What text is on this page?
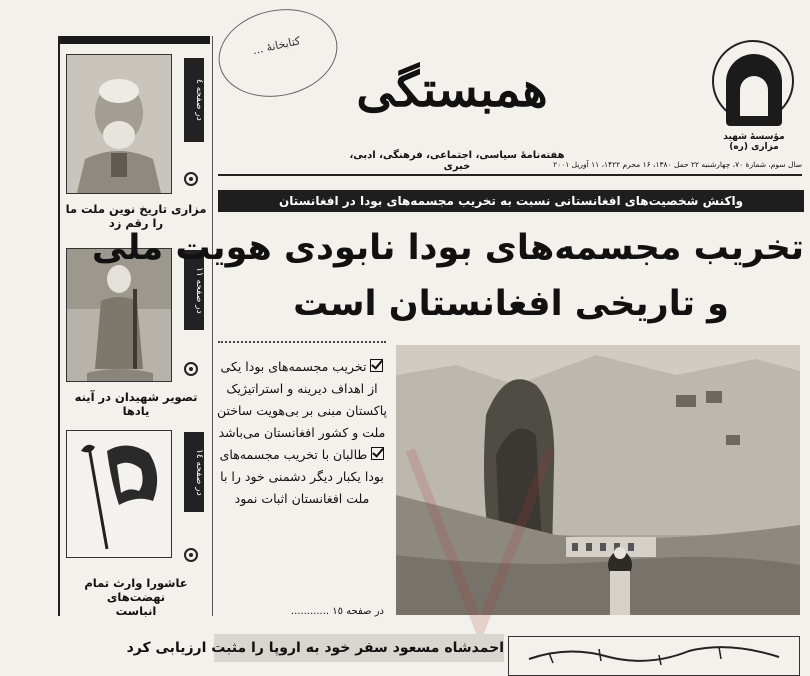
در صفحه ٤
مزاری تاریخ نوین ملت ما
را رقم زد
در صفحه ١١
تصویر شهیدان در آینه
یادها
در صفحه ١٤
عاشورا وارث تمام نهضت‌های
انباست
کتابخانهٔ ...
همبستگی
هفته‌نامهٔ سیاسی، اجتماعی، فرهنگی، ادبی، خبری	سال سوم، شمارهٔ ۷۰، چهارشنبه ۲۲ حمل ۱۳۸۰، ۱۶ محرم ۱۴۲۲، ۱۱ آوریل ۲۰۰۱
مؤسسهٔ شهید مزاری (ره)
واکنش شخصیت‌های افغانستانی نسبت به تخریب مجسمه‌های بودا در افغانستان
تخریب مجسمه‌های بودا نابودی هویت ملی
و تاریخی افغانستان است
تخریب مجسمه‌های بودا یکی از اهداف دیرینه و استراتیژیک پاکستان مبنی بر بی‌هویت ساختن ملت و کشور افغانستان می‌باشد
طالبان با تخریب مجسمه‌های بودا یکبار دیگر دشمنی خود را با ملت افغانستان اثبات نمود
در صفحه ١٥ ............
احمدشاه مسعود سفر خود به اروپا را مثبت ارزیابی کرد
